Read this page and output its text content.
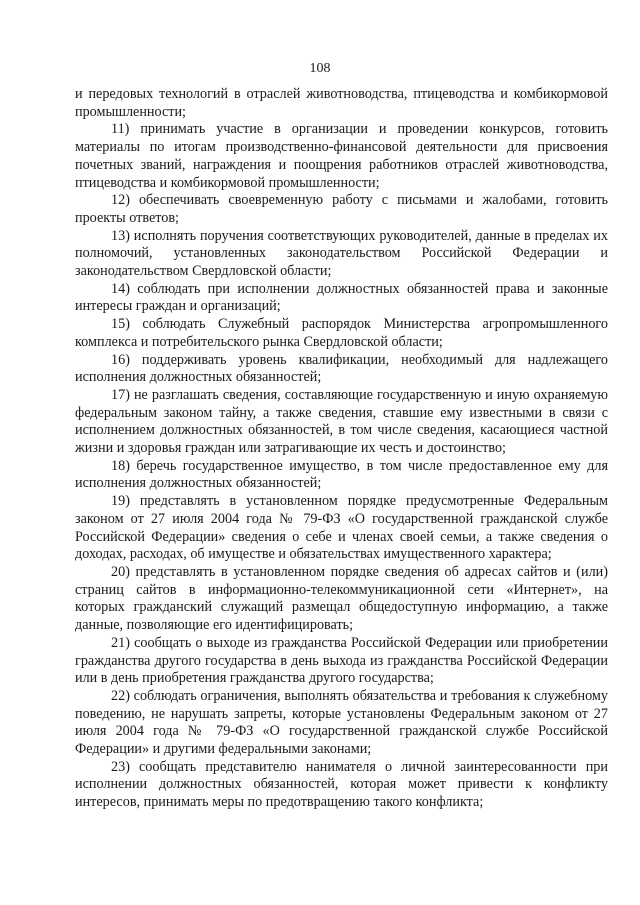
108

и передовых технологий в отраслей животноводства, птицеводства и комбикормовой промышленности;

11) принимать участие в организации и проведении конкурсов, готовить материалы по итогам производственно-финансовой деятельности для присвоения почетных званий, награждения и поощрения работников отраслей животноводства, птицеводства и комбикормовой промышленности;

12) обеспечивать своевременную работу с письмами и жалобами, готовить проекты ответов;

13) исполнять поручения соответствующих руководителей, данные в пределах их полномочий, установленных законодательством Российской Федерации и законодательством Свердловской области;

14) соблюдать при исполнении должностных обязанностей права и законные интересы граждан и организаций;

15) соблюдать Служебный распорядок Министерства агропромышленного комплекса и потребительского рынка Свердловской области;

16) поддерживать уровень квалификации, необходимый для надлежащего исполнения должностных обязанностей;

17) не разглашать сведения, составляющие государственную и иную охраняемую федеральным законом тайну, а также сведения, ставшие ему известными в связи с исполнением должностных обязанностей, в том числе сведения, касающиеся частной жизни и здоровья граждан или затрагивающие их честь и достоинство;

18) беречь государственное имущество, в том числе предоставленное ему для исполнения должностных обязанностей;

19) представлять в установленном порядке предусмотренные Федеральным законом от 27 июля 2004 года № 79-ФЗ «О государственной гражданской службе Российской Федерации» сведения о себе и членах своей семьи, а также сведения о доходах, расходах, об имуществе и обязательствах имущественного характера;

20) представлять в установленном порядке сведения об адресах сайтов и (или) страниц сайтов в информационно-телекоммуникационной сети «Интернет», на которых гражданский служащий размещал общедоступную информацию, а также данные, позволяющие его идентифицировать;

21) сообщать о выходе из гражданства Российской Федерации или приобретении гражданства другого государства в день выхода из гражданства Российской Федерации или в день приобретения гражданства другого государства;

22) соблюдать ограничения, выполнять обязательства и требования к служебному поведению, не нарушать запреты, которые установлены Федеральным законом от 27 июля 2004 года № 79-ФЗ «О государственной гражданской службе Российской Федерации» и другими федеральными законами;

23) сообщать представителю нанимателя о личной заинтересованности при исполнении должностных обязанностей, которая может привести к конфликту интересов, принимать меры по предотвращению такого конфликта;
